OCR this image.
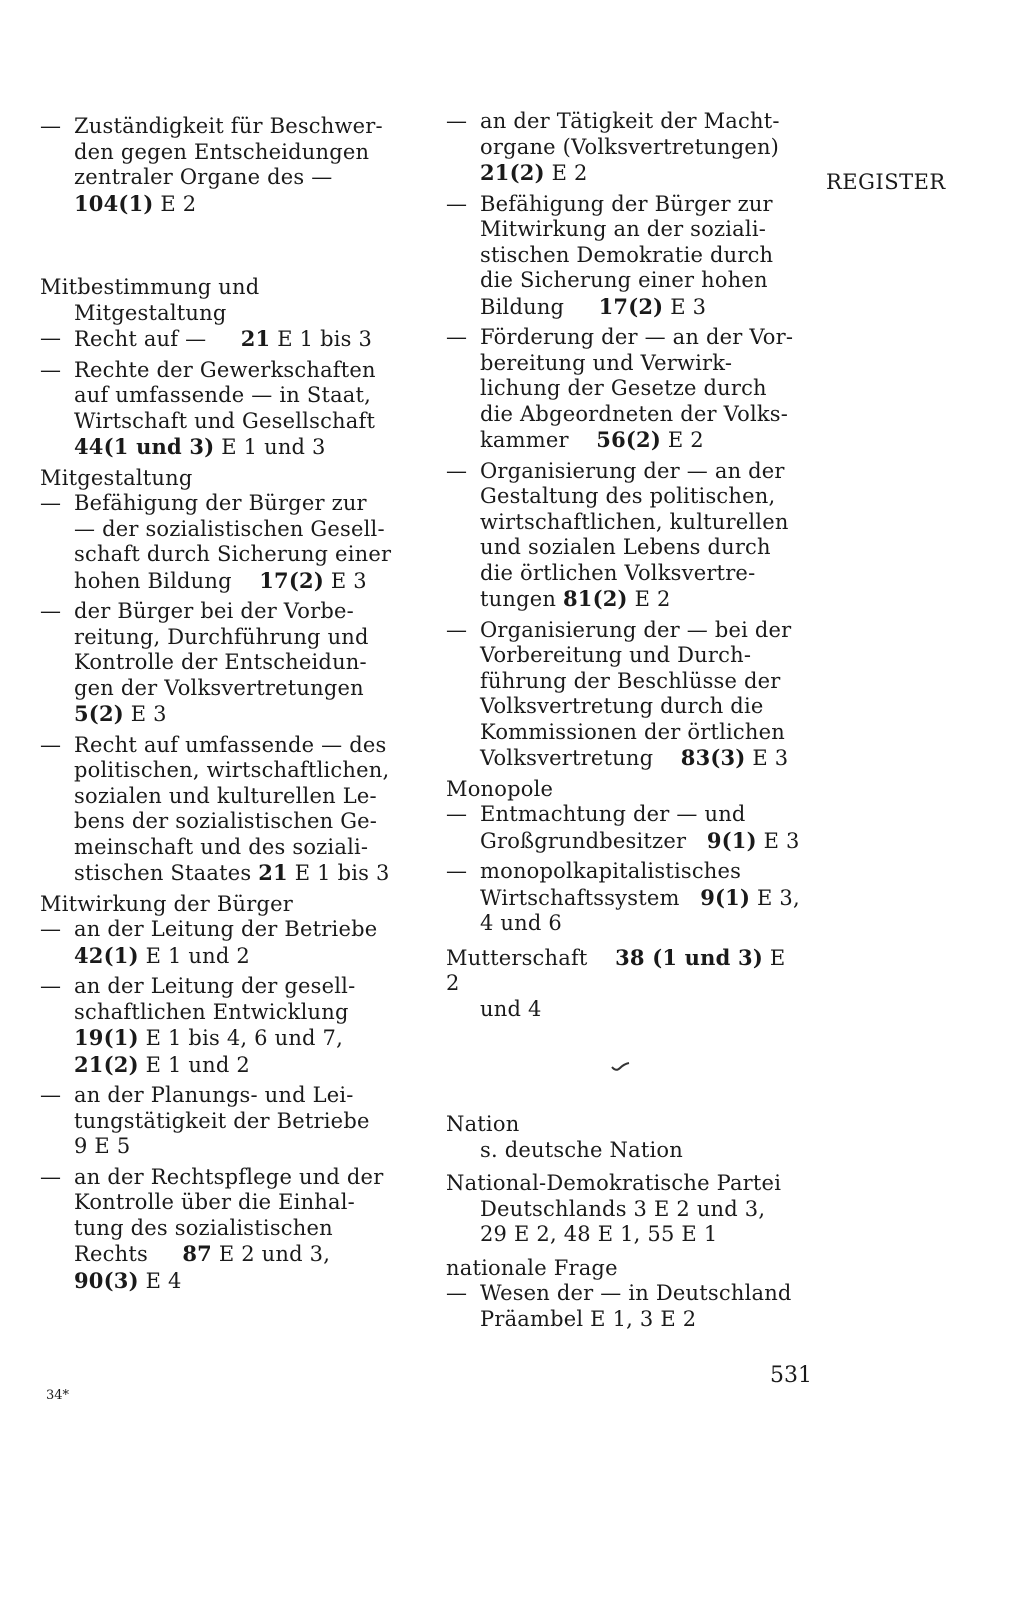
REGISTER
— Zuständigkeit für Beschwer-
den gegen Entscheidungen
zentraler Organe des —
104(1) E 2
Mitbestimmung und
Mitgestaltung
— Recht auf — 21 E 1 bis 3
— Rechte der Gewerkschaften
auf umfassende — in Staat,
Wirtschaft und Gesellschaft
44(1 und 3) E 1 und 3
Mitgestaltung
— Befähigung der Bürger zur
— der sozialistischen Gesell-
schaft durch Sicherung einer
hohen Bildung 17(2) E 3
— der Bürger bei der Vorbe-
reitung, Durchführung und
Kontrolle der Entscheidun-
gen der Volksvertretungen
5(2) E 3
— Recht auf umfassende — des
politischen, wirtschaftlichen,
sozialen und kulturellen Le-
bens der sozialistischen Ge-
meinschaft und des soziali-
stischen Staates 21 E 1 bis 3
Mitwirkung der Bürger
— an der Leitung der Betriebe
42(1) E 1 und 2
— an der Leitung der gesell-
schaftlichen Entwicklung
19(1) E 1 bis 4, 6 und 7,
21(2) E 1 und 2
— an der Planungs- und Lei-
tungstätigkeit der Betriebe
9 E 5
— an der Rechtspflege und der
Kontrolle über die Einhal-
tung des sozialistischen
Rechts 87 E 2 und 3,
90(3) E 4
— an der Tätigkeit der Macht-
organe (Volksvertretungen)
21(2) E 2
— Befähigung der Bürger zur
Mitwirkung an der soziali-
stischen Demokratie durch
die Sicherung einer hohen
Bildung 17(2) E 3
— Förderung der — an der Vor-
bereitung und Verwirk-
lichung der Gesetze durch
die Abgeordneten der Volks-
kammer 56(2) E 2
— Organisierung der — an der
Gestaltung des politischen,
wirtschaftlichen, kulturellen
und sozialen Lebens durch
die örtlichen Volksvertre-
tungen 81(2) E 2
— Organisierung der — bei der
Vorbereitung und Durch-
führung der Beschlüsse der
Volksvertretung durch die
Kommissionen der örtlichen
Volksvertretung 83(3) E 3
Monopole
— Entmachtung der — und
Großgrundbesitzer 9(1) E 3
— monopolkapitalistisches
Wirtschaftssystem 9(1) E 3,
4 und 6
Mutterschaft 38 (1 und 3) E 2
und 4
Nation
s. deutsche Nation
National-Demokratische Partei
Deutschlands 3 E 2 und 3,
29 E 2, 48 E 1, 55 E 1
nationale Frage
— Wesen der — in Deutschland
Präambel E 1, 3 E 2
531
34*
